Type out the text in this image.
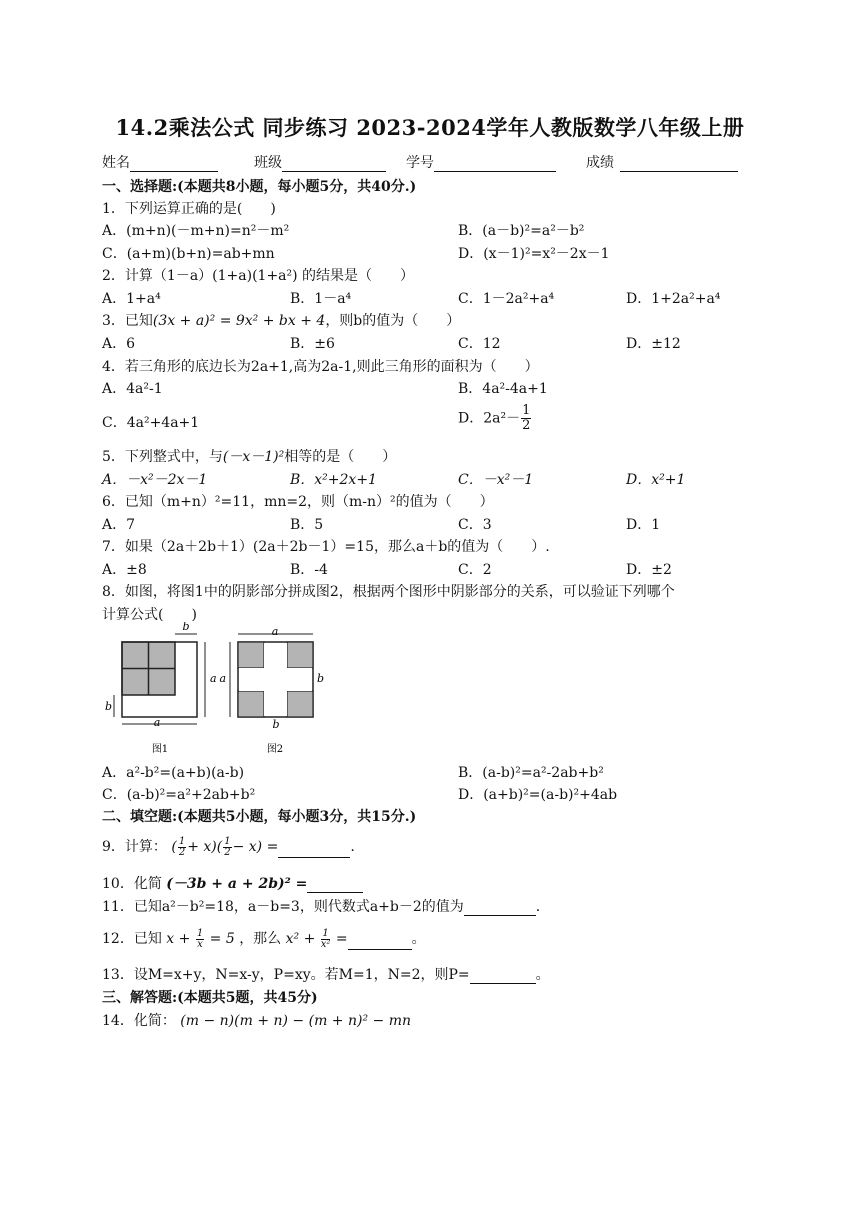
14.2乘法公式 同步练习 2023-2024学年人教版数学八年级上册
姓名	班级	学号	成绩
一、选择题:(本题共8小题，每小题5分，共40分.)
1．下列运算正确的是(　　)
A．(m+n)(－m+n)=n²－m²	B．(a－b)²=a²－b²
C．(a+m)(b+n)=ab+mn	D．(x－1)²=x²－2x－1
2．计算（1－a）(1+a)(1+a²) 的结果是（　　）
A．1+a⁴	B．1－a⁴	C．1－2a²+a⁴	D．1+2a²+a⁴
3．已知(3x + a)² = 9x² + bx + 4，则b的值为（　　）
A．6	B．±6	C．12	D．±12
4．若三角形的底边长为2a+1,高为2a-1,则此三角形的面积为（　　）
A．4a²-1	B．4a²-4a+1
C．4a²+4a+1	D．$2a^2- \frac{1}{2}$
5．下列整式中，与(－x－1)²相等的是（　　）
A．－x²－2x－1	B．x²+2x+1	C．－x²－1	D．x²+1
6．已知（m+n）²=11，mn=2，则（m-n）²的值为（　　）
A．7	B．5	C．3	D．1
7．如果（2a＋2b＋1）(2a＋2b－1）=15，那么a＋b的值为（　　）.
A．±8	B．-4	C．2	D．±2
8．如图，将图1中的阴影部分拼成图2，根据两个图形中阴影部分的关系，可以验证下列哪个
计算公式(　　)
b
a
b
a
图1
a
a	b
b
图2
A．a²-b²=(a+b)(a-b)	B．(a-b)²=a²-2ab+b²
C．(a-b)²=a²+2ab+b²	D．(a+b)²=(a-b)²+4ab
二、填空题:(本题共5小题，每小题3分，共15分.)
9．计算： ( $\frac{1}{2} + x)( \frac{1}{2} - x)$ =	.
10．化简 (－3b + a + 2b)² =
11．已知a²－b²=18，a－b=3，则代数式a+b－2的值为	.
12．已知 $x + \frac{1}{x} = 5$ ，那么 $x^2 + \frac{1}{\text{x²}}$ =	。
13．设M=x+y，N=x-y，P=xy。若M=1，N=2，则P=	。
三、解答题:(本题共5题，共45分)
14．化简： (m − n)(m + n) − (m + n)² − mn
